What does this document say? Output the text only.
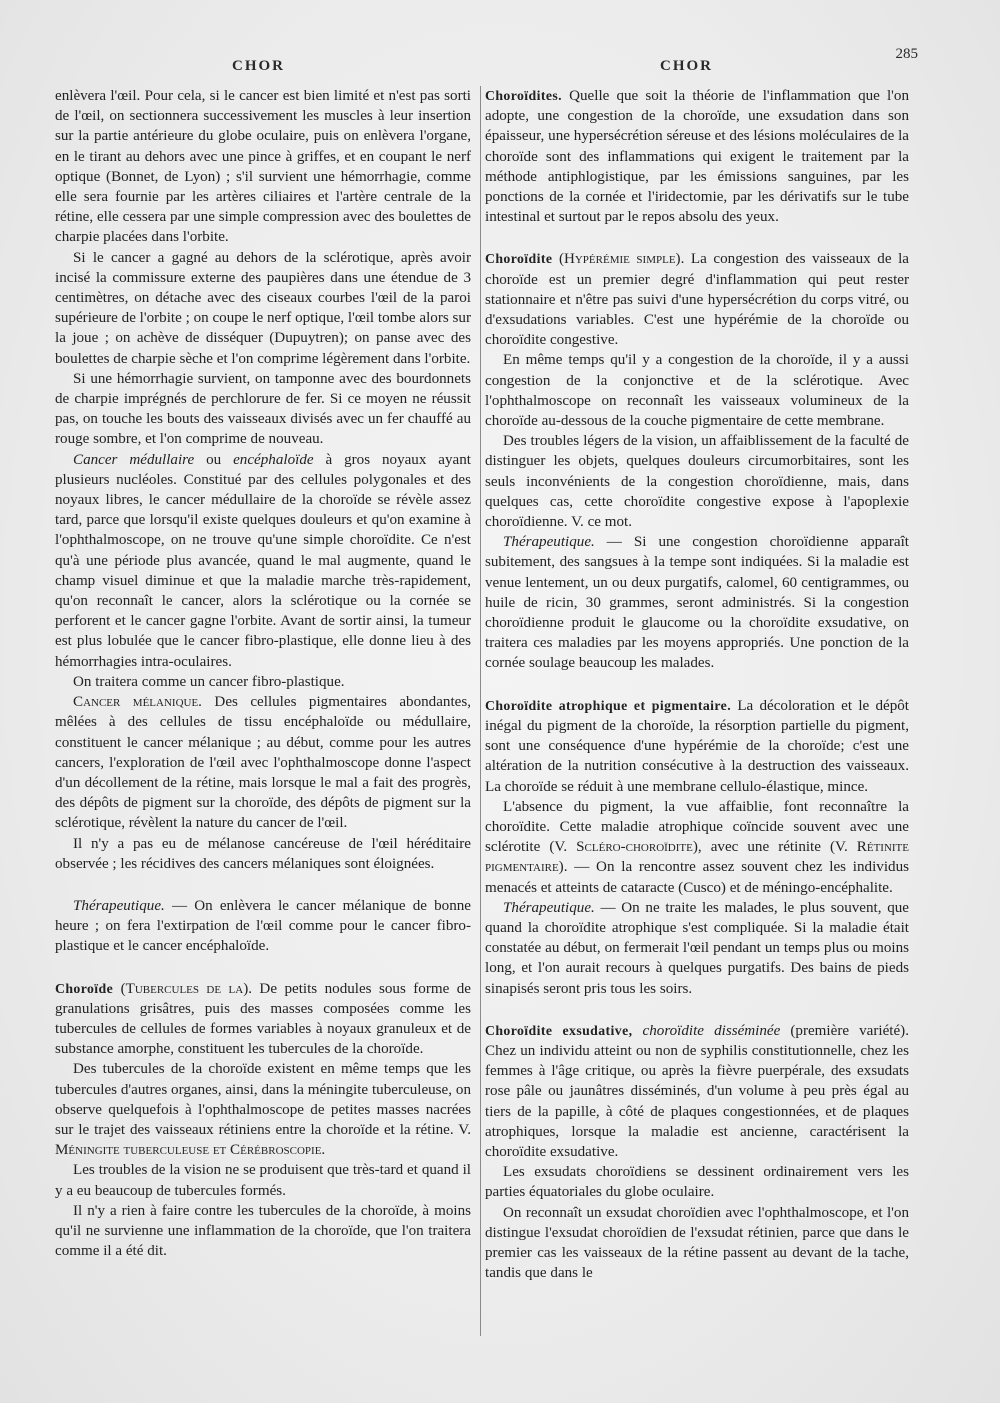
CHOR	CHOR
285

enlèvera l'œil. Pour cela, si le cancer est bien limité et n'est pas sorti de l'œil, on sectionnera successivement les muscles à leur insertion sur la partie antérieure du globe oculaire, puis on enlèvera l'organe, en le tirant au dehors avec une pince à griffes, et en coupant le nerf optique (Bonnet, de Lyon) ; s'il survient une hémorrhagie, comme elle sera fournie par les artères ciliaires et l'artère centrale de la rétine, elle cessera par une simple compression avec des boulettes de charpie placées dans l'orbite.

Si le cancer a gagné au dehors de la sclérotique, après avoir incisé la commissure externe des paupières dans une étendue de 3 centimètres, on détache avec des ciseaux courbes l'œil de la paroi supérieure de l'orbite ; on coupe le nerf optique, l'œil tombe alors sur la joue ; on achève de disséquer (Dupuytren); on panse avec des boulettes de charpie sèche et l'on comprime légèrement dans l'orbite.

Si une hémorrhagie survient, on tamponne avec des bourdonnets de charpie imprégnés de perchlorure de fer. Si ce moyen ne réussit pas, on touche les bouts des vaisseaux divisés avec un fer chauffé au rouge sombre, et l'on comprime de nouveau.

Cancer médullaire ou encéphaloïde à gros noyaux ayant plusieurs nucléoles. Constitué par des cellules polygonales et des noyaux libres, le cancer médullaire de la choroïde se révèle assez tard, parce que lorsqu'il existe quelques douleurs et qu'on examine à l'ophthalmoscope, on ne trouve qu'une simple choroïdite. Ce n'est qu'à une période plus avancée, quand le mal augmente, quand le champ visuel diminue et que la maladie marche très-rapidement, qu'on reconnaît le cancer, alors la sclérotique ou la cornée se perforent et le cancer gagne l'orbite. Avant de sortir ainsi, la tumeur est plus lobulée que le cancer fibro-plastique, elle donne lieu à des hémorrhagies intra-oculaires.

On traitera comme un cancer fibro-plastique.

Cancer mélanique. Des cellules pigmentaires abondantes, mêlées à des cellules de tissu encéphaloïde ou médullaire, constituent le cancer mélanique ; au début, comme pour les autres cancers, l'exploration de l'œil avec l'ophthalmoscope donne l'aspect d'un décollement de la rétine, mais lorsque le mal a fait des progrès, des dépôts de pigment sur la choroïde, des dépôts de pigment sur la sclérotique, révèlent la nature du cancer de l'œil.

Il n'y a pas eu de mélanose cancéreuse de l'œil héréditaire observée ; les récidives des cancers mélaniques sont éloignées.

Thérapeutique. — On enlèvera le cancer mélanique de bonne heure ; on fera l'extirpation de l'œil comme pour le cancer fibro-plastique et le cancer encéphaloïde.

Choroïde (Tubercules de la). De petits nodules sous forme de granulations grisâtres, puis des masses composées comme les tubercules de cellules de formes variables à noyaux granuleux et de substance amorphe, constituent les tubercules de la choroïde.

Des tubercules de la choroïde existent en même temps que les tubercules d'autres organes, ainsi, dans la méningite tuberculeuse, on observe quelquefois à l'ophthalmoscope de petites masses nacrées sur le trajet des vaisseaux rétiniens entre la choroïde et la rétine. V. Méningite tuberculeuse et Cérébroscopie.

Les troubles de la vision ne se produisent que très-tard et quand il y a eu beaucoup de tubercules formés.

Il n'y a rien à faire contre les tubercules de la choroïde, à moins qu'il ne survienne une inflammation de la choroïde, que l'on traitera comme il a été dit.

Choroïdites. Quelle que soit la théorie de l'inflammation que l'on adopte, une congestion de la choroïde, une exsudation dans son épaisseur, une hypersécrétion séreuse et des lésions moléculaires de la choroïde sont des inflammations qui exigent le traitement par la méthode antiphlogistique, par les émissions sanguines, par les ponctions de la cornée et l'iridectomie, par les dérivatifs sur le tube intestinal et surtout par le repos absolu des yeux.

Choroïdite (Hypérémie simple). La congestion des vaisseaux de la choroïde est un premier degré d'inflammation qui peut rester stationnaire et n'être pas suivi d'une hypersécrétion du corps vitré, ou d'exsudations variables. C'est une hypérémie de la choroïde ou choroïdite congestive.

En même temps qu'il y a congestion de la choroïde, il y a aussi congestion de la conjonctive et de la sclérotique. Avec l'ophthalmoscope on reconnaît les vaisseaux volumineux de la choroïde au-dessous de la couche pigmentaire de cette membrane.

Des troubles légers de la vision, un affaiblissement de la faculté de distinguer les objets, quelques douleurs circumorbitaires, sont les seuls inconvénients de la congestion choroïdienne, mais, dans quelques cas, cette choroïdite congestive expose à l'apoplexie choroïdienne. V. ce mot.

Thérapeutique. — Si une congestion choroïdienne apparaît subitement, des sangsues à la tempe sont indiquées. Si la maladie est venue lentement, un ou deux purgatifs, calomel, 60 centigrammes, ou huile de ricin, 30 grammes, seront administrés. Si la congestion choroïdienne produit le glaucome ou la choroïdite exsudative, on traitera ces maladies par les moyens appropriés. Une ponction de la cornée soulage beaucoup les malades.

Choroïdite atrophique et pigmentaire. La décoloration et le dépôt inégal du pigment de la choroïde, la résorption partielle du pigment, sont une conséquence d'une hypérémie de la choroïde; c'est une altération de la nutrition consécutive à la destruction des vaisseaux. La choroïde se réduit à une membrane cellulo-élastique, mince.

L'absence du pigment, la vue affaiblie, font reconnaître la choroïdite. Cette maladie atrophique coïncide souvent avec une sclérotite (V. Scléro-choroïdite), avec une rétinite (V. Rétinite pigmentaire). — On la rencontre assez souvent chez les individus menacés et atteints de cataracte (Cusco) et de méningo-encéphalite.

Thérapeutique. — On ne traite les malades, le plus souvent, que quand la choroïdite atrophique s'est compliquée. Si la maladie était constatée au début, on fermerait l'œil pendant un temps plus ou moins long, et l'on aurait recours à quelques purgatifs. Des bains de pieds sinapisés seront pris tous les soirs.

Choroïdite exsudative, choroïdite disséminée (première variété). Chez un individu atteint ou non de syphilis constitutionnelle, chez les femmes à l'âge critique, ou après la fièvre puerpérale, des exsudats rose pâle ou jaunâtres disséminés, d'un volume à peu près égal au tiers de la papille, à côté de plaques congestionnées, et de plaques atrophiques, lorsque la maladie est ancienne, caractérisent la choroïdite exsudative.

Les exsudats choroïdiens se dessinent ordinairement vers les parties équatoriales du globe oculaire.

On reconnaît un exsudat choroïdien avec l'ophthalmoscope, et l'on distingue l'exsudat choroïdien de l'exsudat rétinien, parce que dans le premier cas les vaisseaux de la rétine passent au devant de la tache, tandis que dans le
